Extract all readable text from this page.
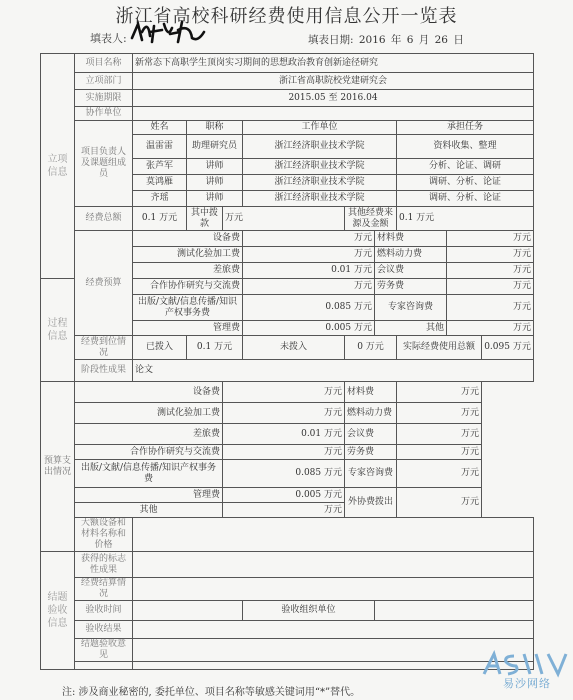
浙江省高校科研经费使用信息公开一览表
填表人:	填表日期: 2016 年 6 月 26 日
立项信息	项目名称	新常态下高职学生顶岗实习期间的思想政治教育创新途径研究								
	立项部门	浙江省高职院校党建研究会								
	实施期限	2015.05 至 2016.04								
	协作单位									
	项目负责人及课题组成员	姓名	职称		工作单位			承担任务		
		温雷雷	助理研究员		浙江经济职业技术学院			资料收集、整理		
		张芦军	讲师		浙江经济职业技术学院			分析、论证、调研		
		莫鸿雁	讲师		浙江经济职业技术学院			调研、分析、论证		
		齐瑶	讲师		浙江经济职业技术学院			调研、分析、论证		
	经费总额	0.1 万元	其中拨款	万元		其他经费来源及金额		0.1 万元		
	经费预算	设备费			万元		材料费		万元	
		测试化验加工费			万元		燃料动力费		万元	
		差旅费			0.01 万元		会议费		万元	
过程信息		合作协作研究与交流费			万元		劳务费		万元	
		出版/文献/信息传播/知识产权事务费			0.085 万元		专家咨询费		万元	
		管理费			0.005 万元		其他		万元	
	经费到位情况	已拨入	0.1 万元		未拨入	0 万元		实际经费使用总额		0.095 万元
	阶段性成果	论文								
预算支出情况	设备费			万元		材料费		万元		
	测试化验加工费			万元		燃料动力费		万元		
	差旅费			0.01 万元		会议费		万元		
	合作协作研究与交流费			万元		劳务费		万元		
	出版/文献/信息传播/知识产权事务费			0.085 万元		专家咨询费		万元		
	管理费			0.005 万元		外协费拨出		万元		
	其他			万元						
	大额设备和材料名称和价格									
结题验收信息	获得的标志性成果									
	经费结算情况									
	验收时间				验收组织单位					
	验收结果									
	结题验收意见									

注: 涉及商业秘密的, 委托单位、项目名称等敏感关键词用“*”替代。
易沙网络
